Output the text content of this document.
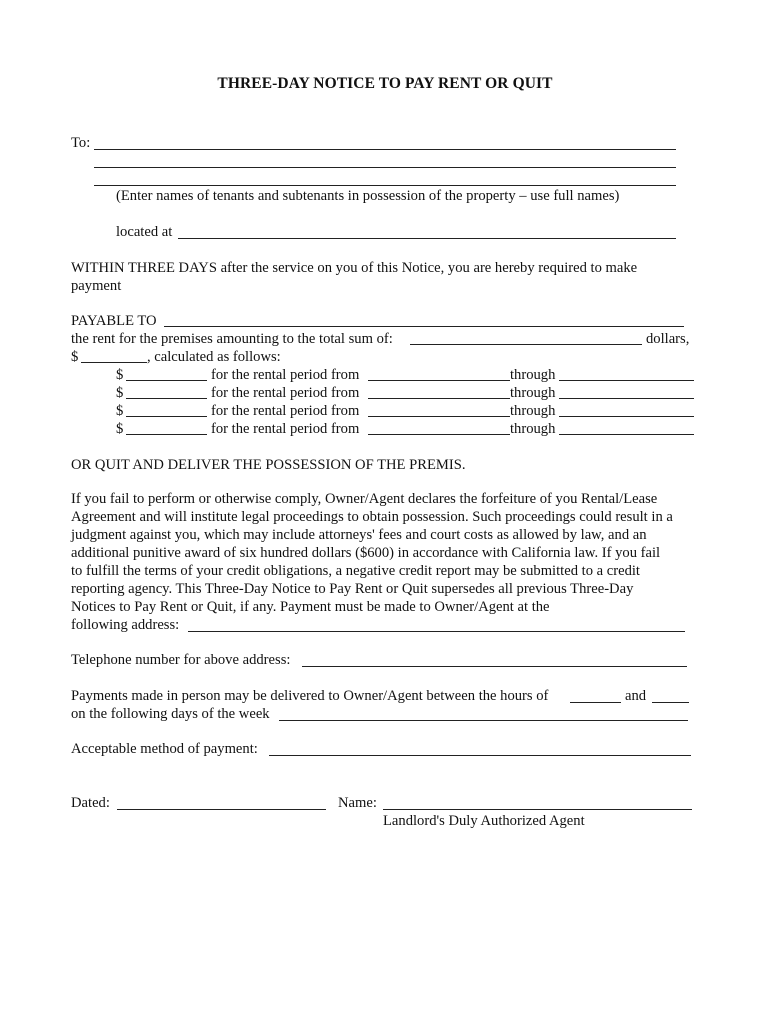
THREE-DAY NOTICE TO PAY RENT OR QUIT
To:
(Enter names of tenants and subtenants in possession of the property – use full names)
located at
WITHIN THREE DAYS after the service on you of this Notice, you are hereby required to make
payment
PAYABLE TO
the rent for the premises amounting to the total sum of:	dollars,
$	, calculated as follows:
$	for the rental period from	through
$	for the rental period from	through
$	for the rental period from	through
$	for the rental period from	through
OR QUIT AND DELIVER THE POSSESSION OF THE PREMIS.
If you fail to perform or otherwise comply, Owner/Agent declares the forfeiture of you Rental/Lease
Agreement and will institute legal proceedings to obtain possession. Such proceedings could result in a
judgment against you, which may include attorneys' fees and court costs as allowed by law, and an
additional punitive award of six hundred dollars ($600) in accordance with California law. If you fail
to fulfill the terms of your credit obligations, a negative credit report may be submitted to a credit
reporting agency. This Three-Day Notice to Pay Rent or Quit supersedes all previous Three-Day
Notices to Pay Rent or Quit, if any. Payment must be made to Owner/Agent at the
following address:
Telephone number for above address:
Payments made in person may be delivered to Owner/Agent between the hours of	and
on the following days of the week
Acceptable method of payment:
Dated:	Name:
Landlord's Duly Authorized Agent
